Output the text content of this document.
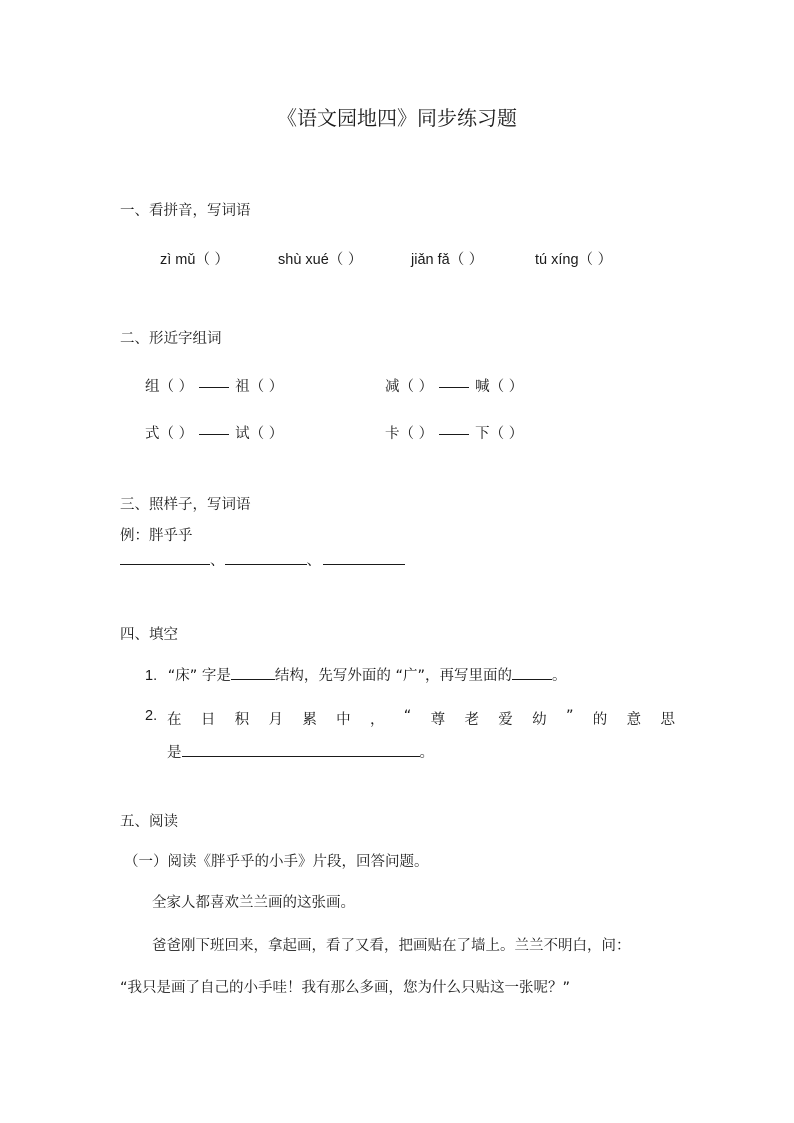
《语文园地四》同步练习题
一、看拼音，写词语
zì mǔ （ ）	shù xué （ ）	jiǎn fǎ （ ）	tú xíng （ ）
二、形近字组词
组（ ）	祖（ ）	减（ ）	喊（ ）
式（ ）	试（ ）	卡（ ）	下（ ）
三、照样子，写词语
例：胖乎乎
、	、
四、填空
1. “床” 字是	结构，先写外面的 “广”，再写里面的	。
2. 在 日 积 月 累 中 ， “ 尊 老 爱 幼 ” 的 意 思
是	。
五、阅读
（一）阅读《胖乎乎的小手》片段，回答问题。
全家人都喜欢兰兰画的这张画。
爸爸刚下班回来，拿起画，看了又看，把画贴在了墙上。兰兰不明白，问：
“我只是画了自己的小手哇！我有那么多画，您为什么只贴这一张呢？”
